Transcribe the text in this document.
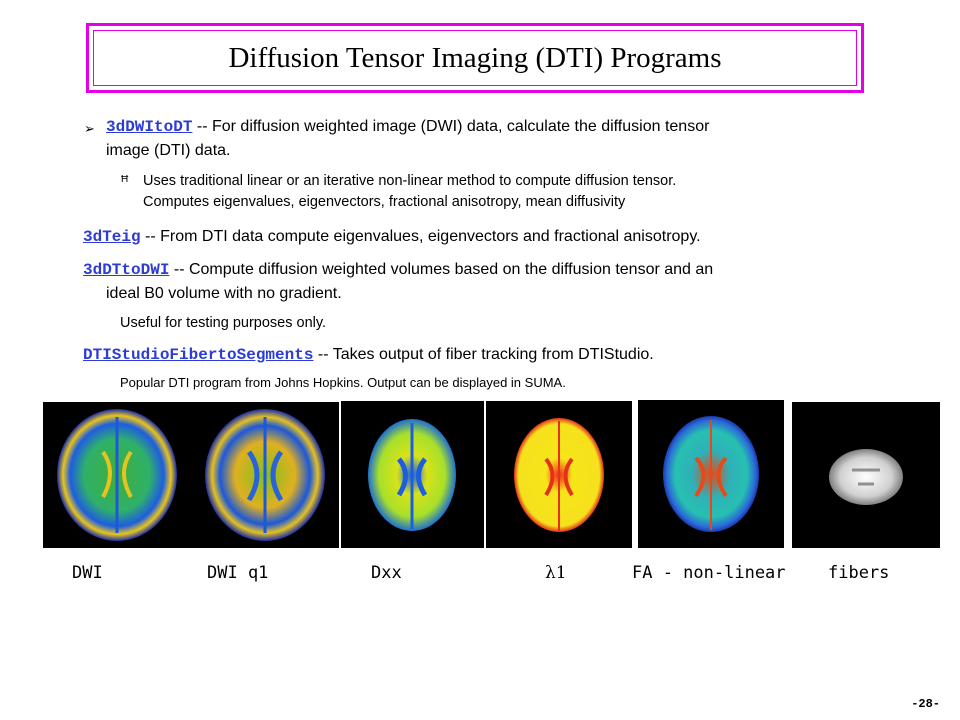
Diffusion Tensor Imaging (DTI) Programs
➢ 3dDWItoDT -- For diffusion weighted image (DWI) data, calculate the diffusion tensor
image (DTI) data.
Ħ Uses traditional linear or an iterative non-linear method to compute diffusion tensor.
Computes eigenvalues, eigenvectors, fractional anisotropy, mean diffusivity
3dTeig -- From DTI data compute eigenvalues, eigenvectors and fractional anisotropy.
3dDTtoDWI -- Compute diffusion weighted volumes based on the diffusion tensor and an
ideal B0 volume with no gradient.
Useful for testing purposes only.
DTIStudioFibertoSegments -- Takes output of fiber tracking from DTIStudio.
Popular DTI program from Johns Hopkins. Output can be displayed in SUMA.
DWI	DWI q1	Dxx	λ1	FA - non-linear fibers
-28-
